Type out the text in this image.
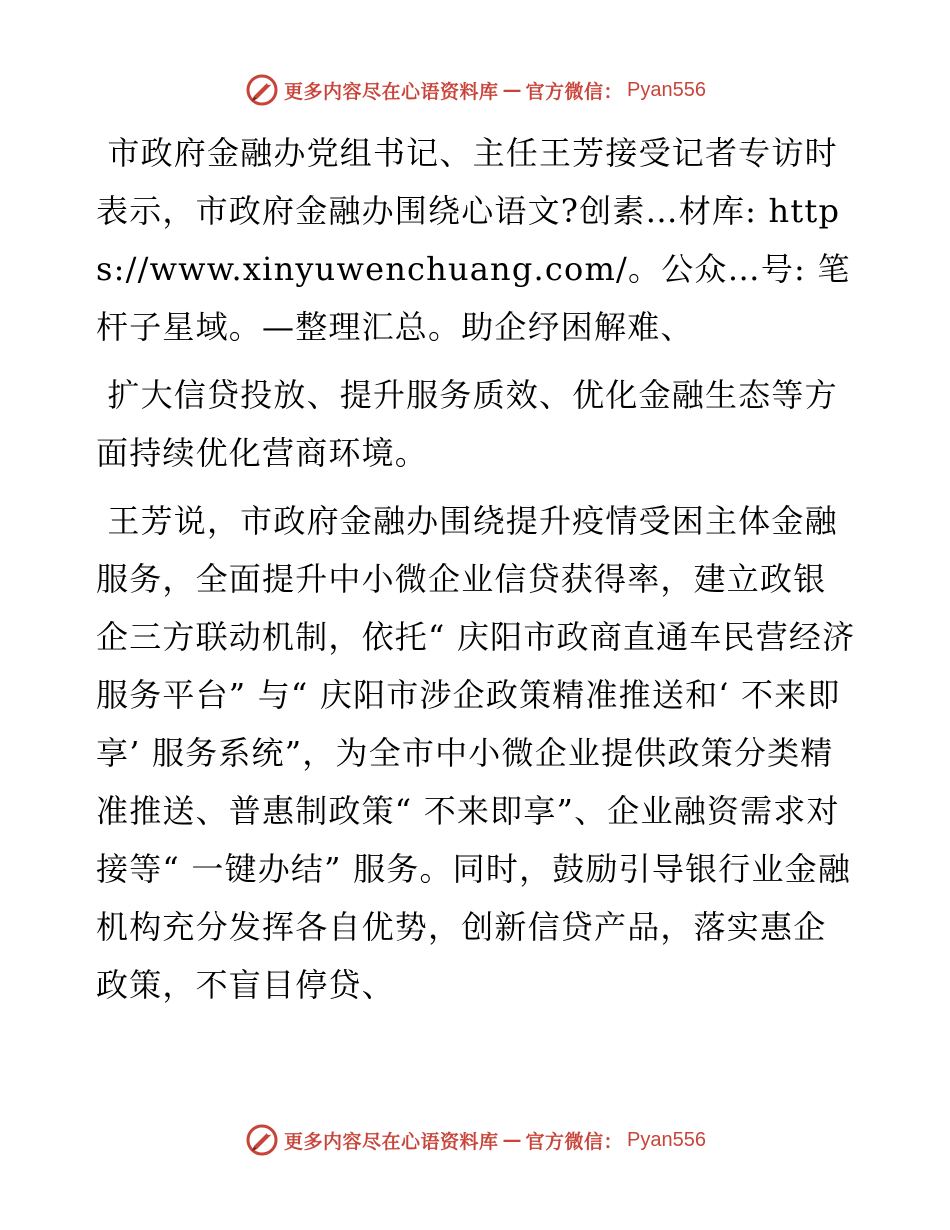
更多内容尽在心语资料库 — 官方微信： Pyan556

市政府金融办党组书记、主任王芳接受记者专访时表示，市政府金融办围绕心语文?创素…材库: https://www.xinyuwenchuang.com/。公众…号: 笔杆子星域。—整理汇总。助企纾困解难、

扩大信贷投放、提升服务质效、优化金融生态等方面持续优化营商环境。

王芳说，市政府金融办围绕提升疫情受困主体金融服务，全面提升中小微企业信贷获得率，建立政银企三方联动机制，依托“ 庆阳市政商直通车民营经济服务平台” 与“ 庆阳市涉企政策精准推送和‘ 不来即享’ 服务系统”，为全市中小微企业提供政策分类精准推送、普惠制政策“ 不来即享”、企业融资需求对接等“ 一键办结” 服务。同时，鼓励引导银行业金融机构充分发挥各自优势，创新信贷产品，落实惠企政策，不盲目停贷、

更多内容尽在心语资料库 — 官方微信： Pyan556
